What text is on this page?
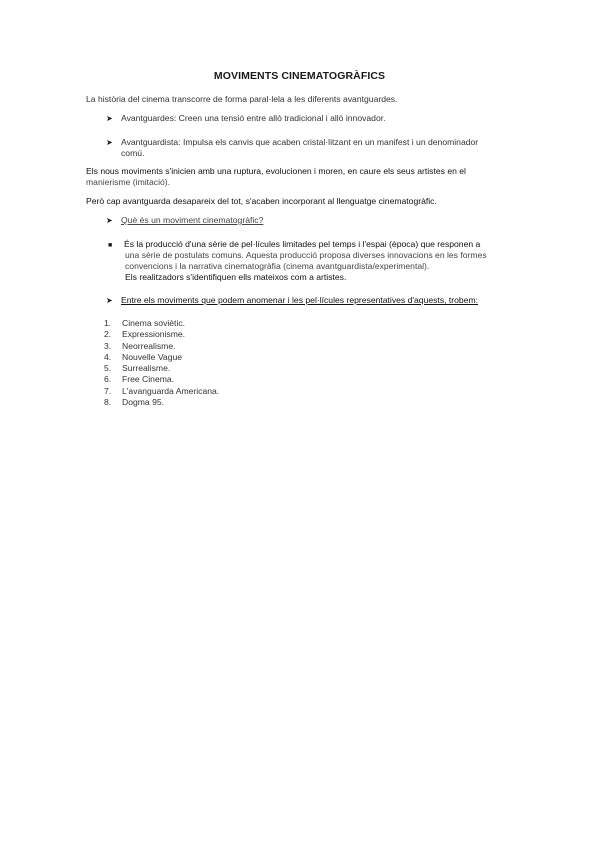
MOVIMENTS CINEMATOGRÀFICS
La història del cinema transcorre de forma paral·lela a les diferents avantguardes.
➤ Avantguardes: Creen una tensió entre allò tradicional i allò innovador.
➤ Avantguardista: Impulsa els canvis que acaben cristal·litzant en un manifest i un denominador comú.
Els nous moviments s'inicien amb una ruptura, evolucionen i moren, en caure els seus artistes en el
manierisme (imitació).
Però cap avantguarda desapareix del tot, s'acaben incorporant al llenguatge cinematogràfic.
➤ Què és un moviment cinematogràfic?
■ És la producció d'una sèrie de pel·lícules limitades pel temps i l'espai (època) que responen a
una sèrie de postulats comuns. Aquesta producció proposa diverses innovacions en les formes convencions i la narrativa cinematogràfia (cinema avantguardista/experimental).
Els realitzadors s'identifiquen ells mateixos com a artistes.
➤ Entre els moviments que podem anomenar i les pel·lícules representatives d'aquests, trobem:
1.	Cinema soviètic.
2.	Expressionisme.
3.	Neorrealisme.
4.	Nouvelle Vague
5.	Surrealisme.
6.	Free Cinema.
7.	L'avanguarda Americana.
8.	Dogma 95.
